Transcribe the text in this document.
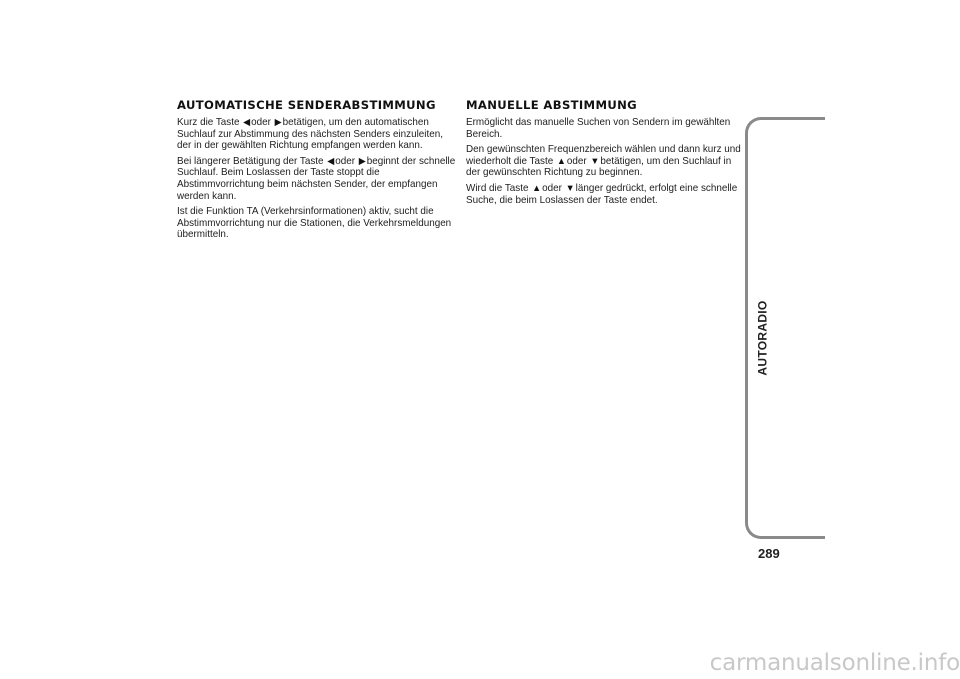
AUTOMATISCHE SENDERABSTIMMUNG

Kurz die Taste ◀oder ▶betätigen, um den automatischen Suchlauf zur Abstimmung des nächsten Senders einzuleiten, der in der gewählten Richtung empfangen werden kann.

Bei längerer Betätigung der Taste ◀oder ▶beginnt der schnelle Suchlauf. Beim Loslassen der Taste stoppt die Abstimmvorrichtung beim nächsten Sender, der empfangen werden kann.

Ist die Funktion TA (Verkehrsinformationen) aktiv, sucht die Abstimmvorrichtung nur die Stationen, die Verkehrsmeldungen übermitteln.

MANUELLE ABSTIMMUNG

Ermöglicht das manuelle Suchen von Sendern im gewählten Bereich.

Den gewünschten Frequenzbereich wählen und dann kurz und wiederholt die Taste ▲oder ▼betätigen, um den Suchlauf in der gewünschten Richtung zu beginnen.

Wird die Taste ▲oder ▼länger gedrückt, erfolgt eine schnelle Suche, die beim Loslassen der Taste endet.

AUTORADIO
289
carmanualsonline.info
